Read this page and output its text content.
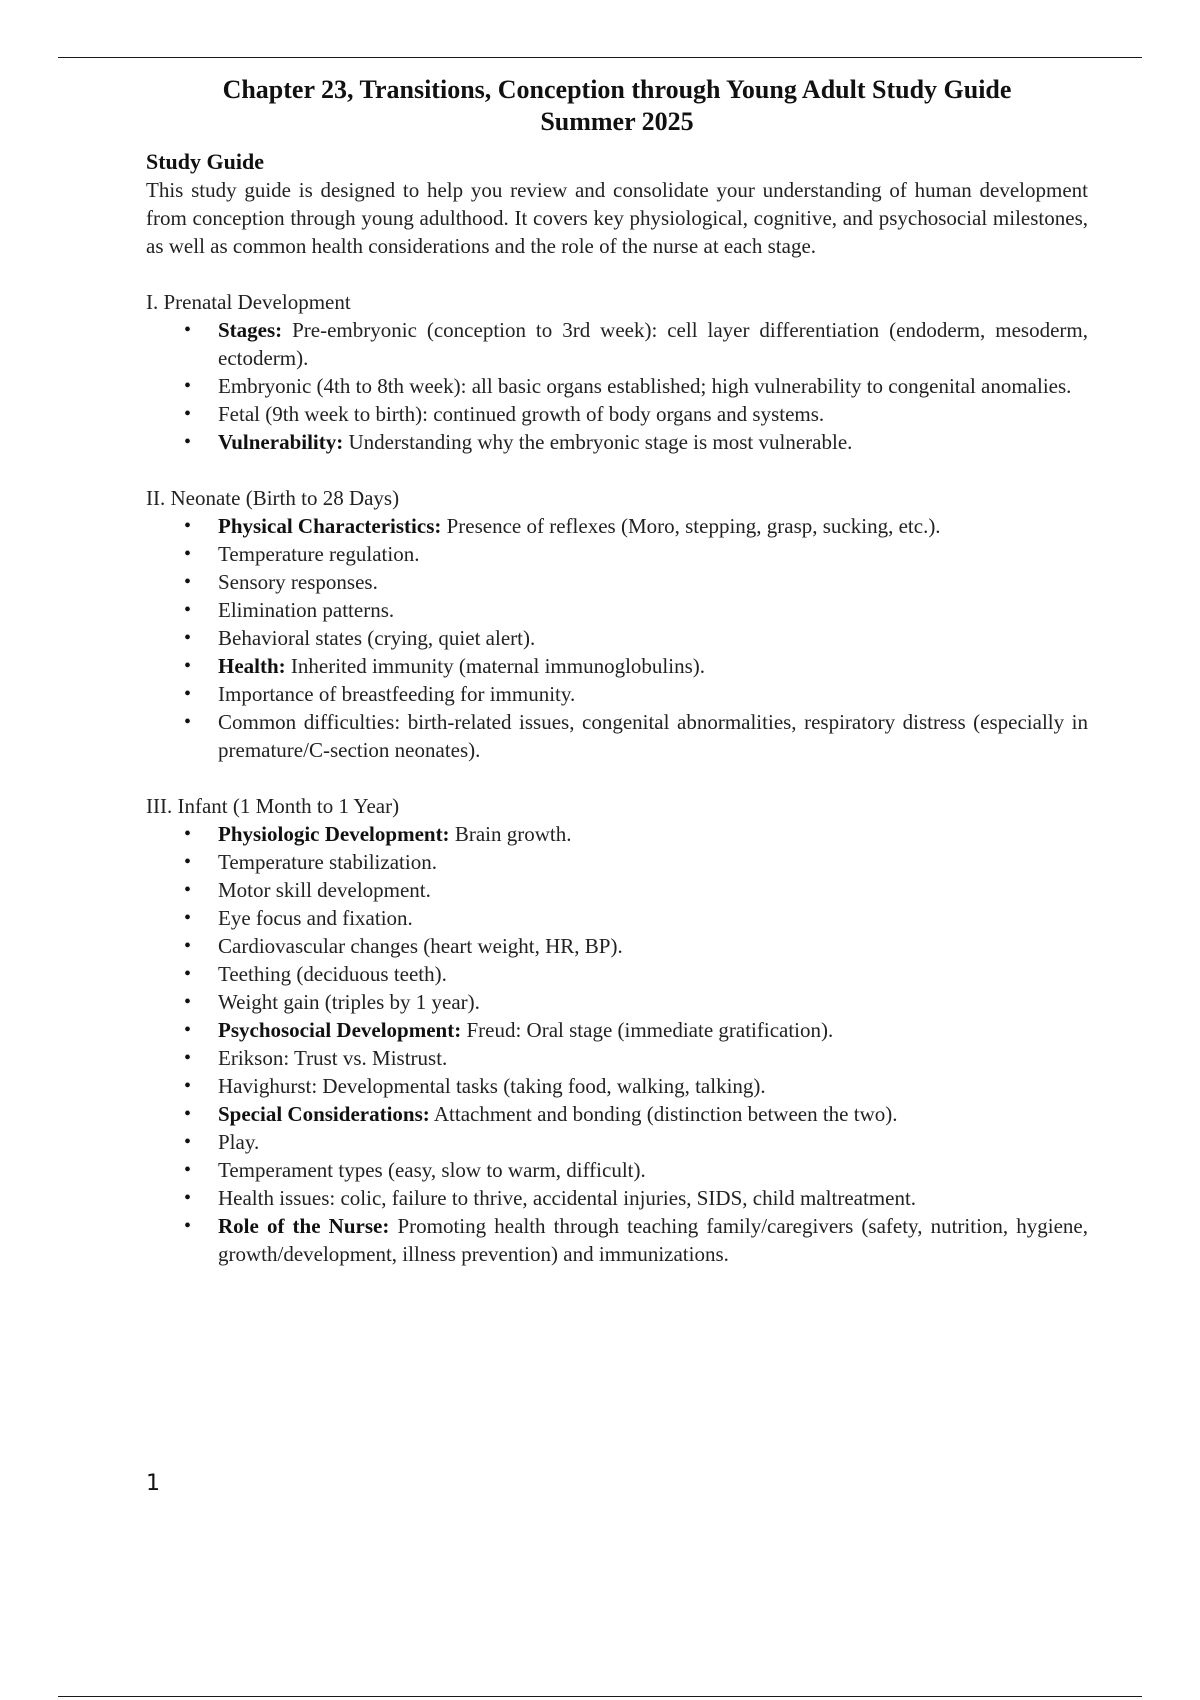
Chapter 23, Transitions, Conception through Young Adult Study Guide
Summer 2025
Study Guide

This study guide is designed to help you review and consolidate your understanding of human development from conception through young adulthood. It covers key physiological, cognitive, and psychosocial milestones, as well as common health considerations and the role of the nurse at each stage.

I. Prenatal Development

• Stages: Pre-embryonic (conception to 3rd week): cell layer differentiation (endoderm, mesoderm, ectoderm).
• Embryonic (4th to 8th week): all basic organs established; high vulnerability to congenital anomalies.
• Fetal (9th week to birth): continued growth of body organs and systems.
• Vulnerability: Understanding why the embryonic stage is most vulnerable.

II. Neonate (Birth to 28 Days)

• Physical Characteristics: Presence of reflexes (Moro, stepping, grasp, sucking, etc.).
• Temperature regulation.
• Sensory responses.
• Elimination patterns.
• Behavioral states (crying, quiet alert).
• Health: Inherited immunity (maternal immunoglobulins).
• Importance of breastfeeding for immunity.
• Common difficulties: birth-related issues, congenital abnormalities, respiratory distress (especially in premature/C-section neonates).

III. Infant (1 Month to 1 Year)

• Physiologic Development: Brain growth.
• Temperature stabilization.
• Motor skill development.
• Eye focus and fixation.
• Cardiovascular changes (heart weight, HR, BP).
• Teething (deciduous teeth).
• Weight gain (triples by 1 year).
• Psychosocial Development: Freud: Oral stage (immediate gratification).
• Erikson: Trust vs. Mistrust.
• Havighurst: Developmental tasks (taking food, walking, talking).
• Special Considerations: Attachment and bonding (distinction between the two).
• Play.
• Temperament types (easy, slow to warm, difficult).
• Health issues: colic, failure to thrive, accidental injuries, SIDS, child maltreatment.
• Role of the Nurse: Promoting health through teaching family/caregivers (safety, nutrition, hygiene, growth/development, illness prevention) and immunizations.
1
